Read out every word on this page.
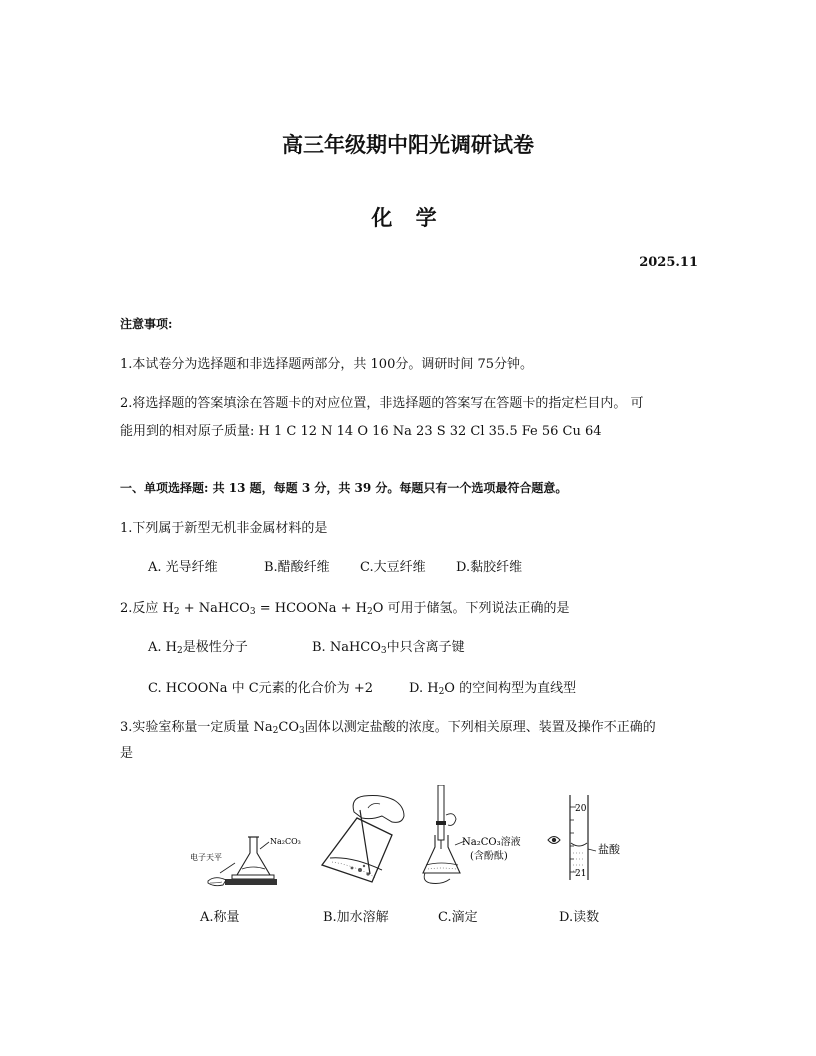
高三年级期中阳光调研试卷
化 学
2025.11
注意事项:
1.本试卷分为选择题和非选择题两部分，共 100分。调研时间 75分钟。
2.将选择题的答案填涂在答题卡的对应位置，非选择题的答案写在答题卡的指定栏目内。 可
能用到的相对原子质量: H 1 C 12 N 14 O 16 Na 23 S 32 Cl 35.5 Fe 56 Cu 64
一、单项选择题: 共 13 题，每题 3 分，共 39 分。每题只有一个选项最符合题意。
1.下列属于新型无机非金属材料的是
A. 光导纤维	B.醋酸纤维 C.大豆纤维 D.黏胶纤维
2.反应 $H_2$ + NaHCO$_3$ = HCOONa + $H_2O$ 可用于储氢。下列说法正确的是
A. $H_2$是极性分子	B. NaHCO$_3$中只含离子键
C. HCOONa 中 C元素的化合价为 +2	D. $H_2O$ 的空间构型为直线型
3.实验室称量一定质量 $Na_2CO_3$固体以测定盐酸的浓度。下列相关原理、装置及操作不正确的
是
电子天平
Na₂CO₃	Na₂CO₃溶液
(含酚酞)
20
21
盐酸
A.称量	B.加水溶解	C.滴定	D.读数
